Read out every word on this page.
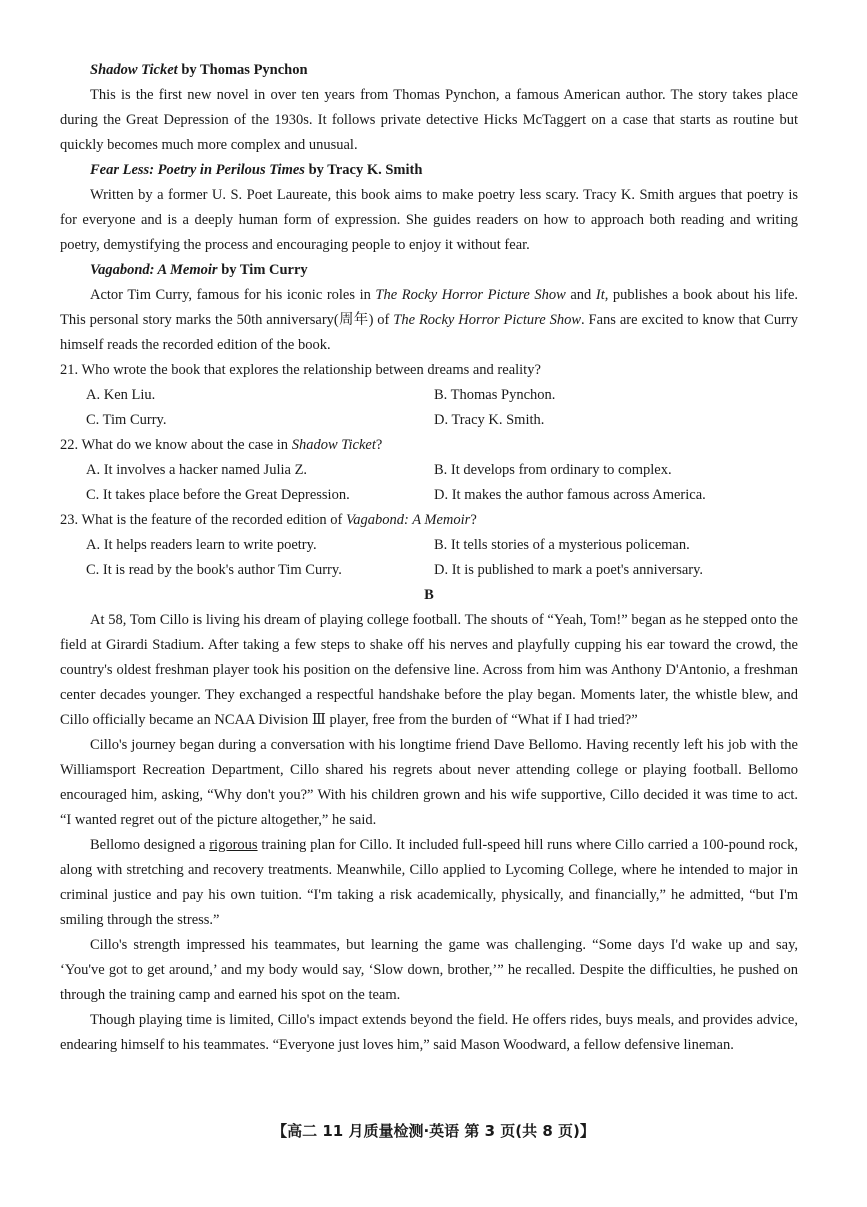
Shadow Ticket by Thomas Pynchon

This is the first new novel in over ten years from Thomas Pynchon, a famous American author. The story takes place during the Great Depression of the 1930s. It follows private detective Hicks McTaggert on a case that starts as routine but quickly becomes much more complex and unusual.

Fear Less: Poetry in Perilous Times by Tracy K. Smith

Written by a former U. S. Poet Laureate, this book aims to make poetry less scary. Tracy K. Smith argues that poetry is for everyone and is a deeply human form of expression. She guides readers on how to approach both reading and writing poetry, demystifying the process and encouraging people to enjoy it without fear.

Vagabond: A Memoir by Tim Curry

Actor Tim Curry, famous for his iconic roles in The Rocky Horror Picture Show and It, publishes a book about his life. This personal story marks the 50th anniversary(周年) of The Rocky Horror Picture Show. Fans are excited to know that Curry himself reads the recorded edition of the book.

21. Who wrote the book that explores the relationship between dreams and reality?

A. Ken Liu.	B. Thomas Pynchon.
C. Tim Curry.	D. Tracy K. Smith.

22. What do we know about the case in Shadow Ticket?

A. It involves a hacker named Julia Z.	B. It develops from ordinary to complex.
C. It takes place before the Great Depression.	D. It makes the author famous across America.

23. What is the feature of the recorded edition of Vagabond: A Memoir?

A. It helps readers learn to write poetry.	B. It tells stories of a mysterious policeman.
C. It is read by the book's author Tim Curry.	D. It is published to mark a poet's anniversary.

B

At 58, Tom Cillo is living his dream of playing college football. The shouts of “Yeah, Tom!” began as he stepped onto the field at Girardi Stadium. After taking a few steps to shake off his nerves and playfully cupping his ear toward the crowd, the country's oldest freshman player took his position on the defensive line. Across from him was Anthony D'Antonio, a freshman center decades younger. They exchanged a respectful handshake before the play began. Moments later, the whistle blew, and Cillo officially became an NCAA Division Ⅲ player, free from the burden of “What if I had tried?”

Cillo's journey began during a conversation with his longtime friend Dave Bellomo. Having recently left his job with the Williamsport Recreation Department, Cillo shared his regrets about never attending college or playing football. Bellomo encouraged him, asking, “Why don't you?” With his children grown and his wife supportive, Cillo decided it was time to act. “I wanted regret out of the picture altogether,” he said.

Bellomo designed a rigorous training plan for Cillo. It included full-speed hill runs where Cillo carried a 100-pound rock, along with stretching and recovery treatments. Meanwhile, Cillo applied to Lycoming College, where he intended to major in criminal justice and pay his own tuition. “I'm taking a risk academically, physically, and financially,” he admitted, “but I'm smiling through the stress.”

Cillo's strength impressed his teammates, but learning the game was challenging. “Some days I'd wake up and say, ‘You've got to get around,’ and my body would say, ‘Slow down, brother,’” he recalled. Despite the difficulties, he pushed on through the training camp and earned his spot on the team.

Though playing time is limited, Cillo's impact extends beyond the field. He offers rides, buys meals, and provides advice, endearing himself to his teammates. “Everyone just loves him,” said Mason Woodward, a fellow defensive lineman.

【高二 11 月质量检测·英语 第 3 页(共 8 页)】
